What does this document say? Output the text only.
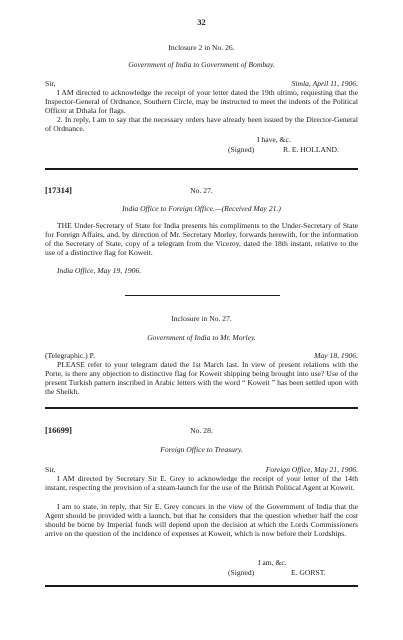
32
Inclosure 2 in No. 26.
Government of India to Government of Bombay.
Sir,	Simla, April 11, 1906.

I AM directed to acknowledge the receipt of your letter dated the 19th ultimo, requesting that the Inspector-General of Ordnance, Southern Circle, may be instructed to meet the indents of the Political Officer at Dthala for flags.

2. In reply, I am to say that the necessary orders have already been issued by the Director-General of Ordnance.

I have, &c.
(Signed)	R. E. HOLLAND.
[17314]	No. 27.
India Office to Foreign Office.—(Received May 21.)

THE Under-Secretary of State for India presents his compliments to the Under-Secretary of State for Foreign Affairs, and, by direction of Mr. Secretary Morley, forwards herewith, for the information of the Secretary of State, copy of a telegram from the Viceroy, dated the 18th instant, relative to the use of a distinctive flag for Koweit.

India Office, May 19, 1906.
Inclosure in No. 27.
Government of India to Mr. Morley.
(Telegraphic.) P.	May 18, 1906.

PLEASE refer to your telegram dated the 1st March last. In view of present relations with the Porte, is there any objection to distinctive flag for Koweit shipping being brought into use? Use of the present Turkish pattern inscribed in Arabic letters with the word “ Koweit ” has been settled upon with the Sheikh.

[16699]	No. 28.
Foreign Office to Treasury.
Sir,	Foreign Office, May 21, 1906.

I AM directed by Secretary Sir E. Grey to acknowledge the receipt of your letter of the 14th instant, respecting the provision of a steam-launch for the use of the British Political Agent at Koweit.

I am to state, in reply, that Sir E. Grey concurs in the view of the Government of India that the Agent should be provided with a launch, but that he considers that the question whether half the cost should be borne by Imperial funds will depend upon the decision at which the Lords Commissioners arrive on the question of the incidence of expenses at Koweit, which is now before their Lordships.

I am, &c.
(Signed)	E. GORST.
